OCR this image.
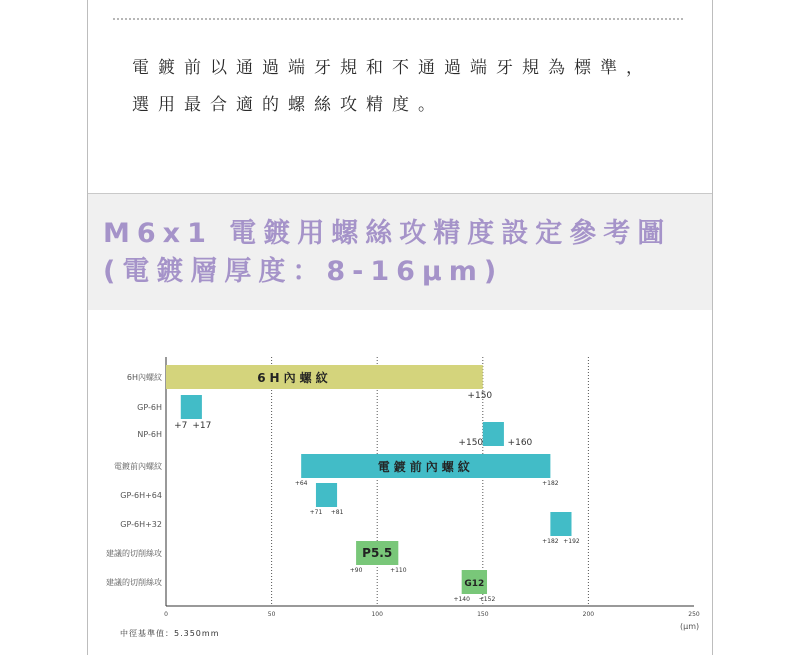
電鍍前以通過端牙規和不通過端牙規為標準，
選用最合適的螺絲攻精度。
M6x1 電鍍用螺絲攻精度設定參考圖
(電鍍層厚度：8-16μm)
0	50	100	150	200	250
6H內螺紋	6H內螺紋
+150
GP-6H
+7 +17
NP-6H
+150	+160
電鍍前內螺紋	電鍍前內螺紋
+64	+182
GP-6H+64
+71 +81
GP-6H+32
+182 +192
建議的切削絲攻	P5.5
+90	+110
建議的切削絲攻	G12
+140 +152
(μm)
中徑基準值：5.350mm
